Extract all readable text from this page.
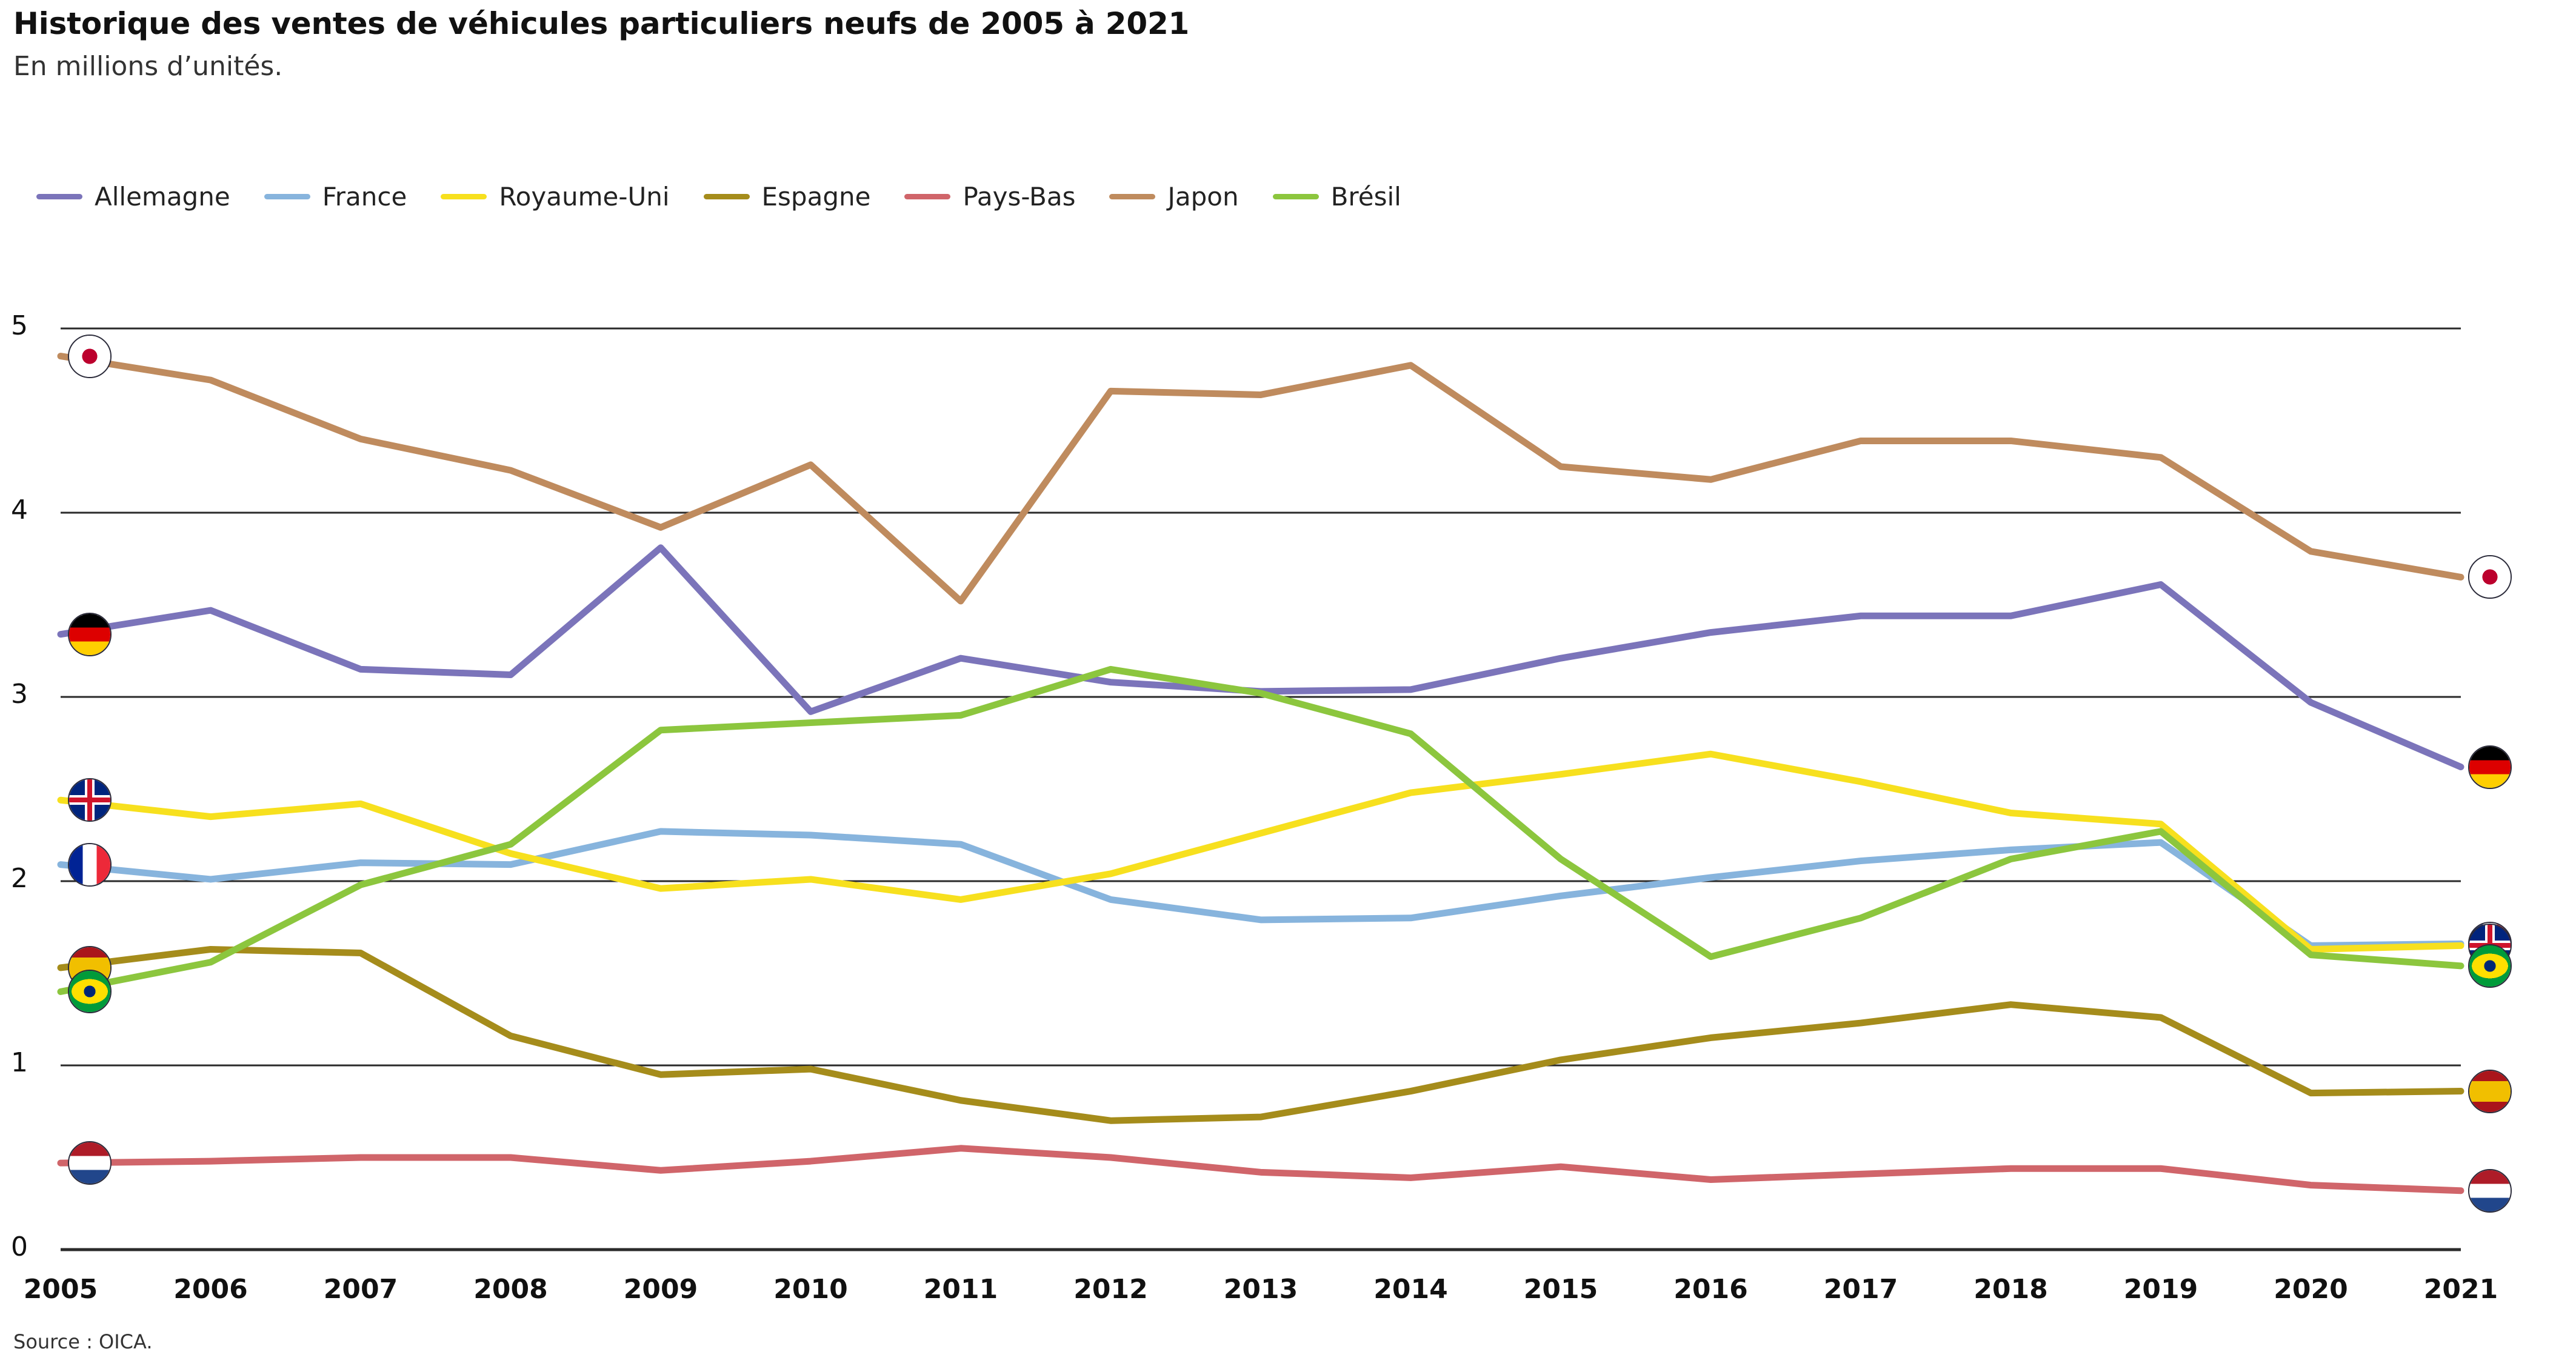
Historique des ventes de véhicules particuliers neufs de 2005 à 2021
En millions d’unités.
Allemagne	France	Royaume-Uni	Espagne	Pays-Bas	Japon	Brésil
0
1
2
3
4
5
2005	2006	2007	2008	2009	2010	2011	2012	2013	2014	2015	2016	2017	2018	2019	2020	2021
Source : OICA.
